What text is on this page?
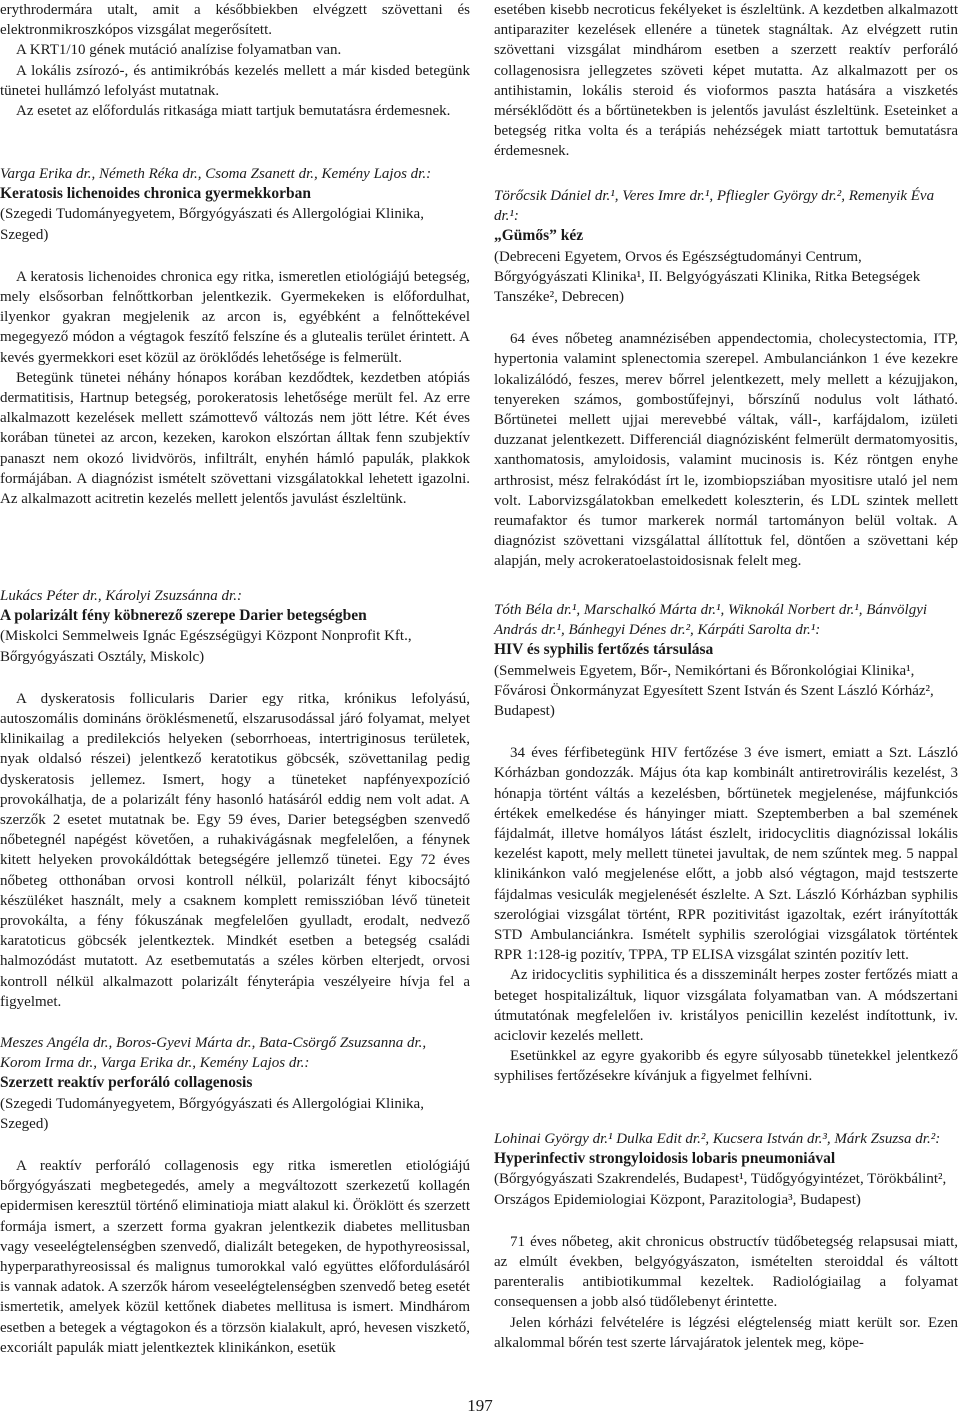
erythrodermára utalt, amit a későbbiekben elvégzett szövettani és elektronmikroszkópos vizsgálat megerősített.

A KRT1/10 gének mutáció analízise folyamatban van.

A lokális zsírozó-, és antimikróbás kezelés mellett a már kisded betegünk tünetei hullámzó lefolyást mutatnak.

Az esetet az előfordulás ritkasága miatt tartjuk bemutatásra érdemesnek.

Varga Erika dr., Németh Réka dr., Csoma Zsanett dr., Kemény Lajos dr.:

Keratosis lichenoides chronica gyermekkorban

(Szegedi Tudományegyetem, Bőrgyógyászati és Allergológiai Klinika, Szeged)

A keratosis lichenoides chronica egy ritka, ismeretlen etiológiájú betegség, mely elsősorban felnőttkorban jelentkezik. Gyermekeken is előfordulhat, ilyenkor gyakran megjelenik az arcon is, egyébként a felnőttekével megegyező módon a végtagok feszítő felszíne és a glutealis terület érintett. A kevés gyermekkori eset közül az öröklődés lehetősége is felmerült.

Betegünk tünetei néhány hónapos korában kezdődtek, kezdetben atópiás dermatitisis, Hartnup betegség, porokeratosis lehetősége merült fel. Az erre alkalmazott kezelések mellett számottevő változás nem jött létre. Két éves korában tünetei az arcon, kezeken, karokon elszórtan álltak fenn szubjektív panaszt nem okozó lividvörös, infiltrált, enyhén hámló papulák, plakkok formájában. A diagnózist ismételt szövettani vizsgálatokkal lehetett igazolni. Az alkalmazott acitretin kezelés mellett jelentős javulást észleltünk.

Lukács Péter dr., Károlyi Zsuzsánna dr.:

A polarizált fény köbnerező szerepe Darier betegségben

(Miskolci Semmelweis Ignác Egészségügyi Központ Nonprofit Kft., Bőrgyógyászati Osztály, Miskolc)

A dyskeratosis follicularis Darier egy ritka, krónikus lefolyású, autoszomális domináns öröklésmenetű, elszarusodással járó folyamat, melyet klinikailag a predilekciós helyeken (seborrhoeas, intertriginosus területek, nyak oldalsó részei) jelentkező keratotikus göbcsék, szövettanilag pedig dyskeratosis jellemez. Ismert, hogy a tüneteket napfényexpozíció provokálhatja, de a polarizált fény hasonló hatásáról eddig nem volt adat. A szerzők 2 esetet mutatnak be. Egy 59 éves, Darier betegségben szenvedő nőbetegnél napégést követően, a ruhakivágásnak megfelelően, a fénynek kitett helyeken provokáldóttak betegségére jellemző tünetei. Egy 72 éves nőbeteg otthonában orvosi kontroll nélkül, polarizált fényt kibocsájtó készüléket használt, mely a csaknem komplett remisszióban lévő tüneteit provokálta, a fény fókuszának megfelelően gyulladt, erodalt, nedvező karatoticus göbcsék jelentkeztek. Mindkét esetben a betegség családi halmozódást mutatott. Az esetbemutatás a széles körben elterjedt, orvosi kontroll nélkül alkalmazott polarizált fényterápia veszélyeire hívja fel a figyelmet.

Meszes Angéla dr., Boros-Gyevi Márta dr., Bata-Csörgő Zsuzsanna dr., Korom Irma dr., Varga Erika dr., Kemény Lajos dr.:

Szerzett reaktív perforáló collagenosis

(Szegedi Tudományegyetem, Bőrgyógyászati és Allergológiai Klinika, Szeged)

A reaktív perforáló collagenosis egy ritka ismeretlen etiológiájú bőrgyógyászati megbetegedés, amely a megváltozott szerkezetű kollagén epidermisen keresztül történő eliminatioja miatt alakul ki. Öröklött és szerzett formája ismert, a szerzett forma gyakran jelentkezik diabetes mellitusban vagy veseelégtelenségben szenvedő, dializált betegeken, de hypothyreosissal, hyperparathyreosissal és malignus tumorokkal való együttes előfordulásáról is vannak adatok. A szerzők három veseelégtelenségben szenvedő beteg esetét ismertetik, amelyek közül kettőnek diabetes mellitusa is ismert. Mindhárom esetben a betegek a végtagokon és a törzsön kialakult, apró, hevesen viszkető, excoriált papulák miatt jelentkeztek klinikánkon, esetük

esetében kisebb necroticus fekélyeket is észleltünk. A kezdetben alkalmazott antiparaziter kezelések ellenére a tünetek stagnáltak. Az elvégzett rutin szövettani vizsgálat mindhárom esetben a szerzett reaktív perforáló collagenosisra jellegzetes szöveti képet mutatta. Az alkalmazott per os antihistamin, lokális steroid és vioformos paszta hatására a viszketés mérséklődött és a bőrtünetekben is jelentős javulást észleltünk. Eseteinket a betegség ritka volta és a terápiás nehézségek miatt tartottuk bemutatásra érdemesnek.

Törőcsik Dániel dr.¹, Veres Imre dr.¹, Pfliegler György dr.², Remenyik Éva dr.¹:

„Gümős” kéz

(Debreceni Egyetem, Orvos és Egészségtudományi Centrum, Bőrgyógyászati Klinika¹, II. Belgyógyászati Klinika, Ritka Betegségek Tanszéke², Debrecen)

64 éves nőbeteg anamnézisében appendectomia, cholecystectomia, ITP, hypertonia valamint splenectomia szerepel. Ambulanciánkon 1 éve kezekre lokalizálódó, feszes, merev bőrrel jelentkezett, mely mellett a kézujjakon, tenyereken számos, gombostűfejnyi, bőrszínű nodulus volt látható. Bőrtünetei mellett ujjai merevebbé váltak, váll-, karfájdalom, izületi duzzanat jelentkezett. Differenciál diagnózisként felmerült dermatomyositis, xanthomatosis, amyloidosis, valamint mucinosis is. Kéz röntgen enyhe arthrosist, mész felrakódást írt le, izombiopsziában myositisre utaló jel nem volt. Laborvizsgálatokban emelkedett koleszterin, és LDL szintek mellett reumafaktor és tumor markerek normál tartományon belül voltak. A diagnózist szövettani vizsgálattal állítottuk fel, döntően a szövettani kép alapján, mely acrokeratoelastoidosisnak felelt meg.

Tóth Béla dr.¹, Marschalkó Márta dr.¹, Wiknokál Norbert dr.¹, Bánvölgyi András dr.¹, Bánhegyi Dénes dr.², Kárpáti Sarolta dr.¹:

HIV és syphilis fertőzés társulása

(Semmelweis Egyetem, Bőr-, Nemikórtani és Bőronkológiai Klinika¹, Fővárosi Önkormányzat Egyesített Szent István és Szent László Kórház², Budapest)

34 éves férfibetegünk HIV fertőzése 3 éve ismert, emiatt a Szt. László Kórházban gondozzák. Május óta kap kombinált antiretrovirális kezelést, 3 hónapja történt váltás a kezelésben, bőrtünetek megjelenése, májfunkciós értékek emelkedése és hányinger miatt. Szeptemberben a bal szemének fájdalmát, illetve homályos látást észlelt, iridocyclitis diagnózissal lokális kezelést kapott, mely mellett tünetei javultak, de nem szűntek meg. 5 nappal klinikánkon való megjelenése előtt, a jobb alsó végtagon, majd testszerte fájdalmas vesiculák megjelenését észlelte. A Szt. László Kórházban syphilis szerológiai vizsgálat történt, RPR pozitivitást igazoltak, ezért irányították STD Ambulanciánkra. Ismételt syphilis szerológiai vizsgálatok történtek RPR 1:128-ig pozitív, TPPA, TP ELISA vizsgálat szintén pozitív lett.

Az iridocyclitis syphilitica és a disszeminált herpes zoster fertőzés miatt a beteget hospitalizáltuk, liquor vizsgálata folyamatban van. A módszertani útmutatónak megfelelően iv. kristályos penicillin kezelést indítottunk, iv. aciclovir kezelés mellett.

Esetünkkel az egyre gyakoribb és egyre súlyosabb tünetekkel jelentkező syphilises fertőzésekre kívánjuk a figyelmet felhívni.

Lohinai György dr.¹ Dulka Edit dr.², Kucsera István dr.³, Márk Zsuzsa dr.²:

Hyperinfectiv strongyloidosis lobaris pneumoniával

(Bőrgyógyászati Szakrendelés, Budapest¹, Tüdőgyógyintézet, Törökbálint², Országos Epidemiologiai Központ, Parazitologia³, Budapest)

71 éves nőbeteg, akit chronicus obstructív tüdőbetegség relapsusai miatt, az elmúlt években, belgyógyászaton, ismételten steroiddal és váltott parenteralis antibiotikummal kezeltek. Radiológiailag a folyamat consequensen a jobb alsó tüdőlebenyt érintette.

Jelen kórházi felvételére is légzési elégtelenség miatt került sor. Ezen alkalommal bőrén test szerte lárvajáratok jelentek meg, köpe-

197
